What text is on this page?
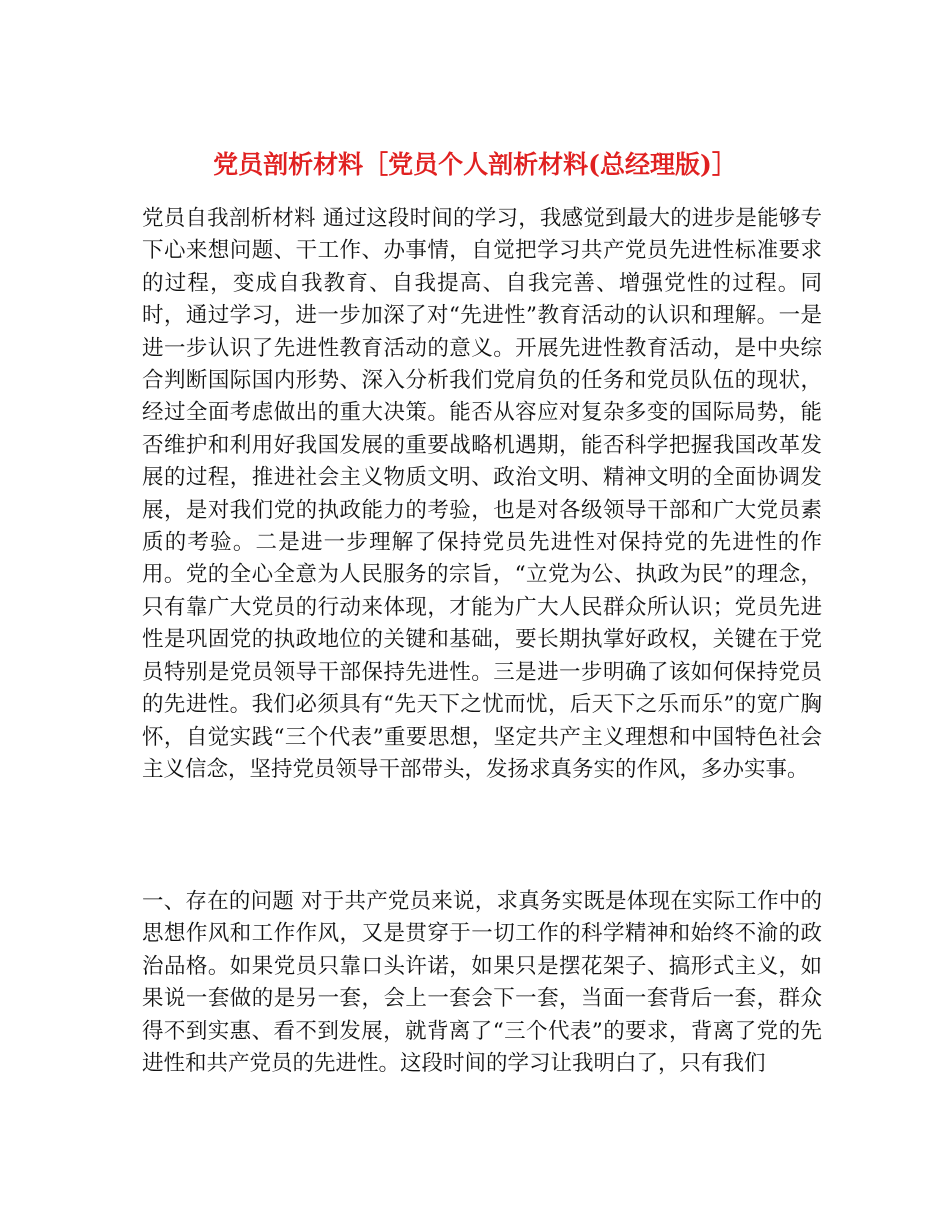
党员剖析材料［党员个人剖析材料(总经理版)］

党员自我剖析材料 通过这段时间的学习，我感觉到最大的进步是能够专下心来想问题、干工作、办事情，自觉把学习共产党员先进性标准要求的过程，变成自我教育、自我提高、自我完善、增强党性的过程。同时，通过学习，进一步加深了对“先进性”教育活动的认识和理解。一是进一步认识了先进性教育活动的意义。开展先进性教育活动，是中央综合判断国际国内形势、深入分析我们党肩负的任务和党员队伍的现状，经过全面考虑做出的重大决策。能否从容应对复杂多变的国际局势，能否维护和利用好我国发展的重要战略机遇期，能否科学把握我国改革发展的过程，推进社会主义物质文明、政治文明、精神文明的全面协调发展，是对我们党的执政能力的考验，也是对各级领导干部和广大党员素质的考验。二是进一步理解了保持党员先进性对保持党的先进性的作用。党的全心全意为人民服务的宗旨，“立党为公、执政为民”的理念，只有靠广大党员的行动来体现，才能为广大人民群众所认识；党员先进性是巩固党的执政地位的关键和基础，要长期执掌好政权，关键在于党员特别是党员领导干部保持先进性。三是进一步明确了该如何保持党员的先进性。我们必须具有“先天下之忧而忧，后天下之乐而乐”的宽广胸怀，自觉实践“三个代表”重要思想，坚定共产主义理想和中国特色社会主义信念，坚持党员领导干部带头，发扬求真务实的作风，多办实事。

一、存在的问题 对于共产党员来说，求真务实既是体现在实际工作中的思想作风和工作作风，又是贯穿于一切工作的科学精神和始终不渝的政治品格。如果党员只靠口头许诺，如果只是摆花架子、搞形式主义，如果说一套做的是另一套，会上一套会下一套，当面一套背后一套，群众得不到实惠、看不到发展，就背离了“三个代表”的要求，背离了党的先进性和共产党员的先进性。这段时间的学习让我明白了，只有我们
